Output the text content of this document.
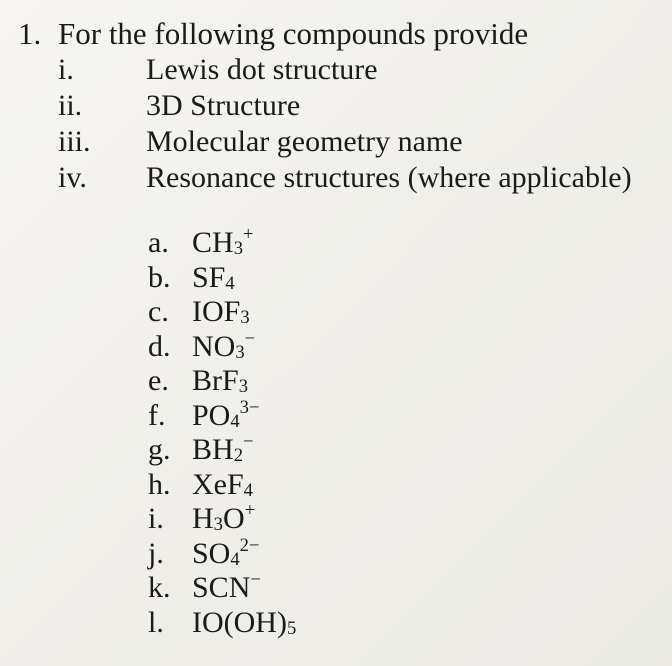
1. For the following compounds provide
i. Lewis dot structure
ii. 3D Structure
iii. Molecular geometry name
iv. Resonance structures (where applicable)
a. $CH_3^+$
b. $SF_4$
c. $IOF_3$
d. $NO_3^-$
e. BrF$_3$
f. $PO_4^{3-}$
g. $BH_2^-$
h. XeF$_4$
i. $H_3O^+$
j. $SO_4^{2-}$
k. SCN−
l. $IO(OH)_5$
